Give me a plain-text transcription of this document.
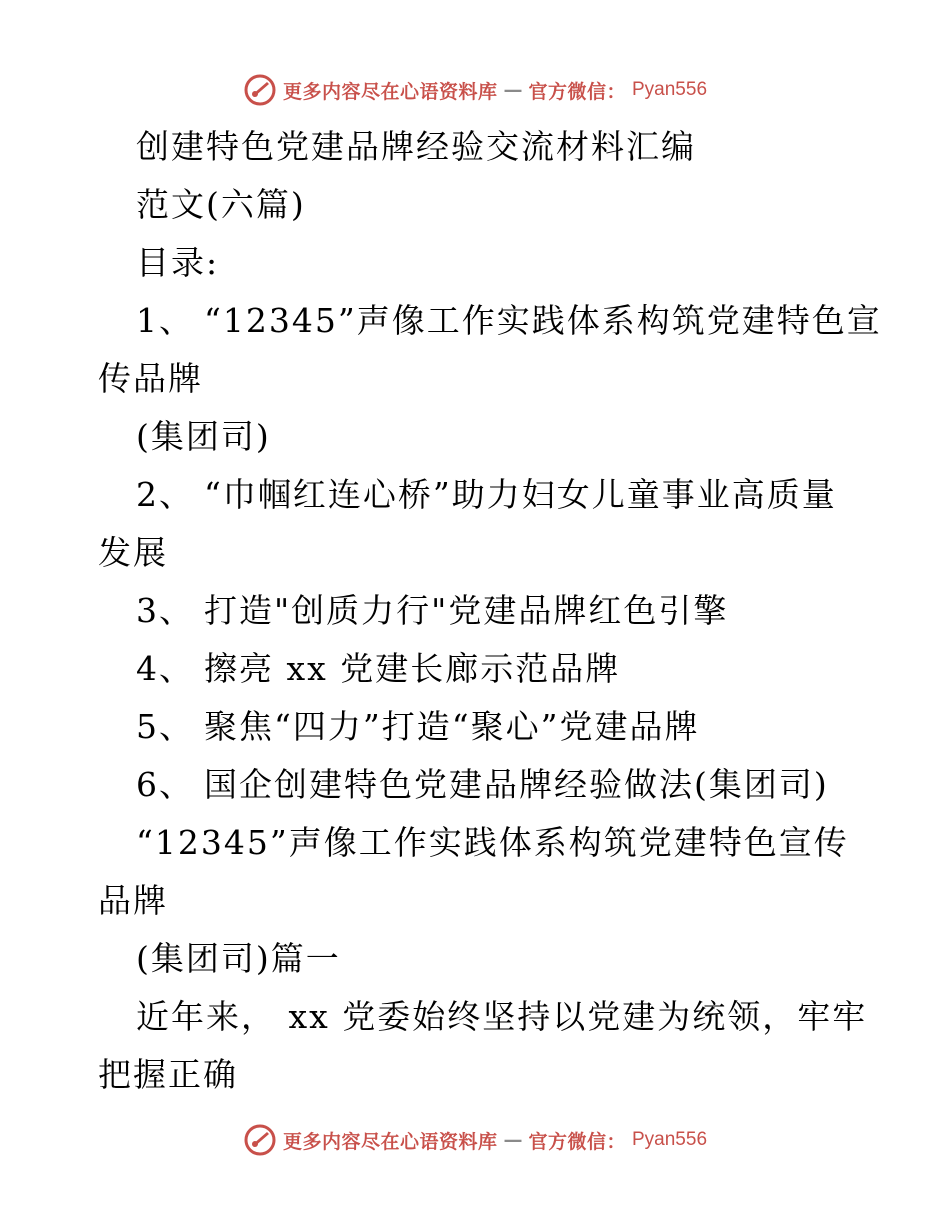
更多内容尽在心语资料库 — 官方微信： Pyan556
创建特色党建品牌经验交流材料汇编
范文(六篇)
目录:
1、 “12345”声像工作实践体系构筑党建特色宣
传品牌
(集团司)
2、 “巾帼红连心桥”助力妇女儿童事业高质量
发展
3、 打造"创质力行"党建品牌红色引擎
4、 擦亮 xx 党建长廊示范品牌
5、 聚焦“四力”打造“聚心”党建品牌
6、 国企创建特色党建品牌经验做法(集团司)
“12345”声像工作实践体系构筑党建特色宣传
品牌
(集团司)篇一
近年来， xx 党委始终坚持以党建为统领，牢牢
把握正确
更多内容尽在心语资料库 — 官方微信： Pyan556
